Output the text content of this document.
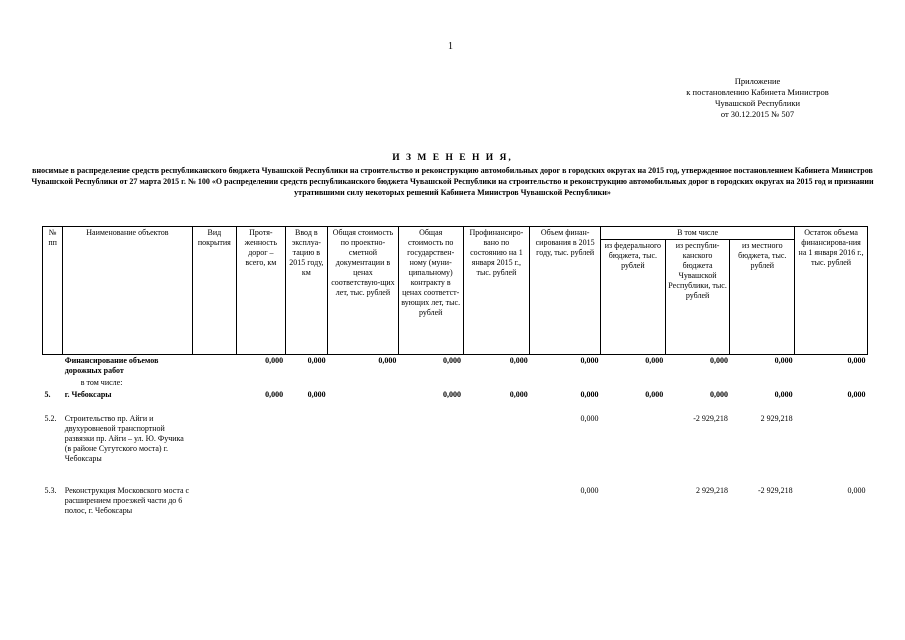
1
Приложение
к постановлению Кабинета Министров
Чувашской Республики
от 30.12.2015 № 507
И З М Е Н Е Н И Я,
вносимые в распределение средств республиканского бюджета Чувашской Республики на строительство и реконструкцию автомобильных дорог в городских округах на 2015 год, утвержденное постановлением Кабинета Министров Чувашской Республики от 27 марта 2015 г. № 100 «О распределении средств республиканского бюджета Чувашской Республики на строительство и реконструкцию автомобильных дорог в городских округах на 2015 год и признании утратившими силу некоторых решений Кабинета Министров Чувашской Республики»
№ пп	Наименование объектов	Вид покрытия	Протя-женность дорог – всего, км	Ввод в эксплуа-тацию в 2015 году, км	Общая стоимость по проектно-сметной документации в ценах соответствую-щих лет, тыс. рублей	Общая стоимость по государствен-ному (муни-ципальному) контракту в ценах соответст-вующих лет, тыс. рублей	Профинансиро-вано по состоянию на 1 января 2015 г., тыс. рублей	Объем финан-сирования в 2015 году, тыс. рублей	В том числе			Остаток объема финансирова-ния на 1 января 2016 г., тыс. рублей
									из федерального бюджета, тыс. рублей	из республи-канского бюджета Чувашской Республики, тыс. рублей	из местного бюджета, тыс. рублей	
	Финансирование объемов дорожных работ		0,000	0,000	0,000	0,000	0,000	0,000	0,000	0,000	0,000	0,000
	в том числе:											
5.	г. Чебоксары		0,000	0,000		0,000	0,000	0,000	0,000	0,000	0,000	0,000
5.2.	Строительство пр. Айги и двухуровневой транспортной развязки пр. Айги – ул. Ю. Фучика (в районе Сугутского моста) г. Чебоксары							0,000		-2 929,218	2 929,218	
5.3.	Реконструкция Московского моста с расширением проезжей части до 6 полос, г. Чебоксары							0,000		2 929,218	-2 929,218	0,000
